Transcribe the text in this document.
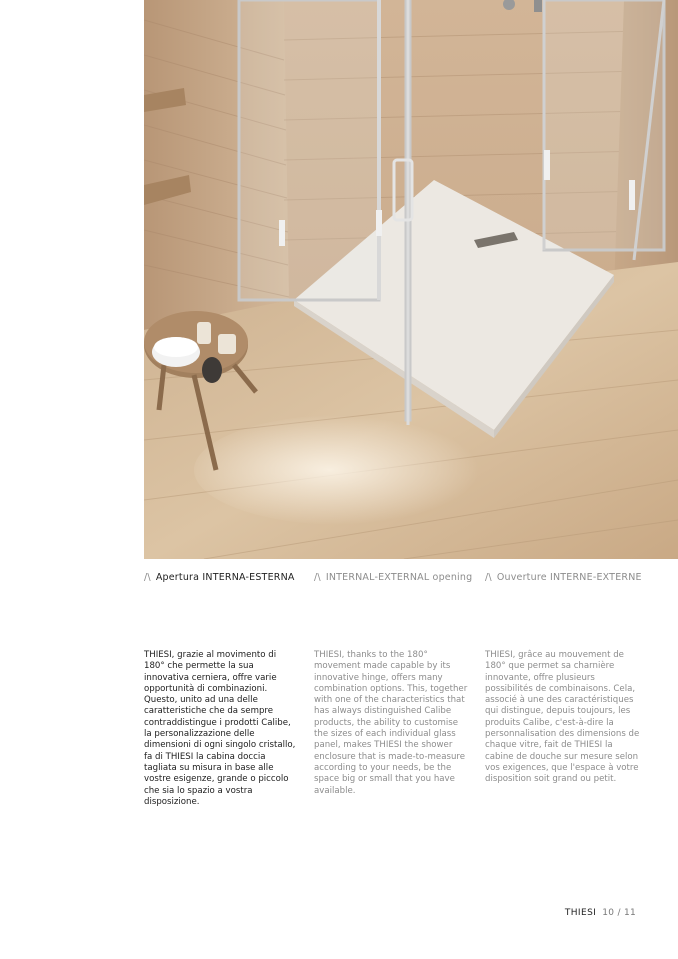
/\ Apertura INTERNA-ESTERNA /\ INTERNAL-EXTERNAL opening /\ Ouverture INTERNE-EXTERNE

THIESI, grazie al movimento di 180° che permette la sua innovativa cerniera, offre varie opportunità di combinazioni. Questo, unito ad una delle caratteristiche che da sempre contraddistingue i prodotti Calibe, la personalizzazione delle dimensioni di ogni singolo cristallo, fa di THIESI la cabina doccia tagliata su misura in base alle vostre esigenze, grande o piccolo che sia lo spazio a vostra disposizione.

THIESI, thanks to the 180° movement made capable by its innovative hinge, offers many combination options. This, together with one of the characteristics that has always distinguished Calibe products, the ability to customise the sizes of each individual glass panel, makes THIESI the shower enclosure that is made-to-measure according to your needs, be the space big or small that you have available.

THIESI, grâce au mouvement de 180° que permet sa charnière innovante, offre plusieurs possibilités de combinaisons. Cela, associé à une des caractéristiques qui distingue, depuis toujours, les produits Calibe, c'est-à-dire la personnalisation des dimensions de chaque vitre, fait de THIESI la cabine de douche sur mesure selon vos exigences, que l'espace à votre disposition soit grand ou petit.

THIESI 10 / 11
